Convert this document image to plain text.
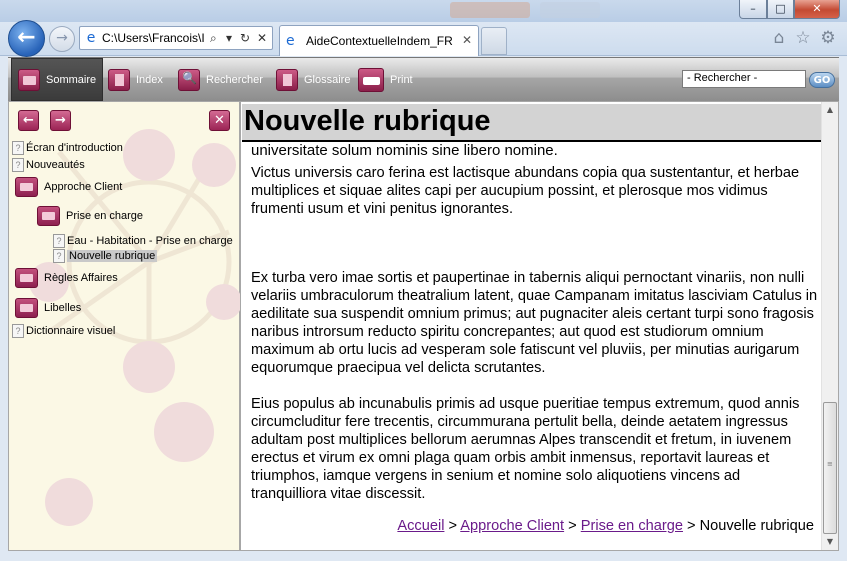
–	□	✕
←	→	e C:\Users\Francois\I ⌕ ▾ ↻ ✕ e AideContextuelleIndem_FR ✕	⌂ ☆ ⚙
Sommaire	Index 🔍	Rechercher	Glossaire	Print	- Rechercher -	GO
←	→	✕
? Écran d'introduction
? Nouveautés
Approche Client
Prise en charge
? Eau - Habitation - Prise en charge
? Nouvelle rubrique
Règles Affaires
Libelles
? Dictionnaire visuel
Nouvelle rubrique
universitate solum nominis sine libero nomine.

Victus universis caro ferina est lactisque abundans copia qua sustentantur, et herbae multiplices et siquae alites capi per aucupium possint, et plerosque mos vidimus frumenti usum et vini penitus ignorantes.

Ex turba vero imae sortis et paupertinae in tabernis aliqui pernoctant vinariis, non nulli velariis umbraculorum theatralium latent, quae Campanam imitatus lasciviam Catulus in aedilitate sua suspendit omnium primus; aut pugnaciter aleis certant turpi sono fragosis naribus introrsum reducto spiritu concrepantes; aut quod est studiorum omnium maximum ab ortu lucis ad vesperam sole fatiscunt vel pluviis, per minutias aurigarum equorumque praecipua vel delicta scrutantes.

Eius populus ab incunabulis primis ad usque pueritiae tempus extremum, quod annis circumcluditur fere trecentis, circummurana pertulit bella, deinde aetatem ingressus adultam post multiplices bellorum aerumnas Alpes transcendit et fretum, in iuvenem erectus et virum ex omni plaga quam orbis ambit inmensus, reportavit laureas et triumphos, iamque vergens in senium et nomine solo aliquotiens vincens ad tranquilliora vitae discessit.

Accueil > Approche Client > Prise en charge > Nouvelle rubrique
▲
≡
▼
